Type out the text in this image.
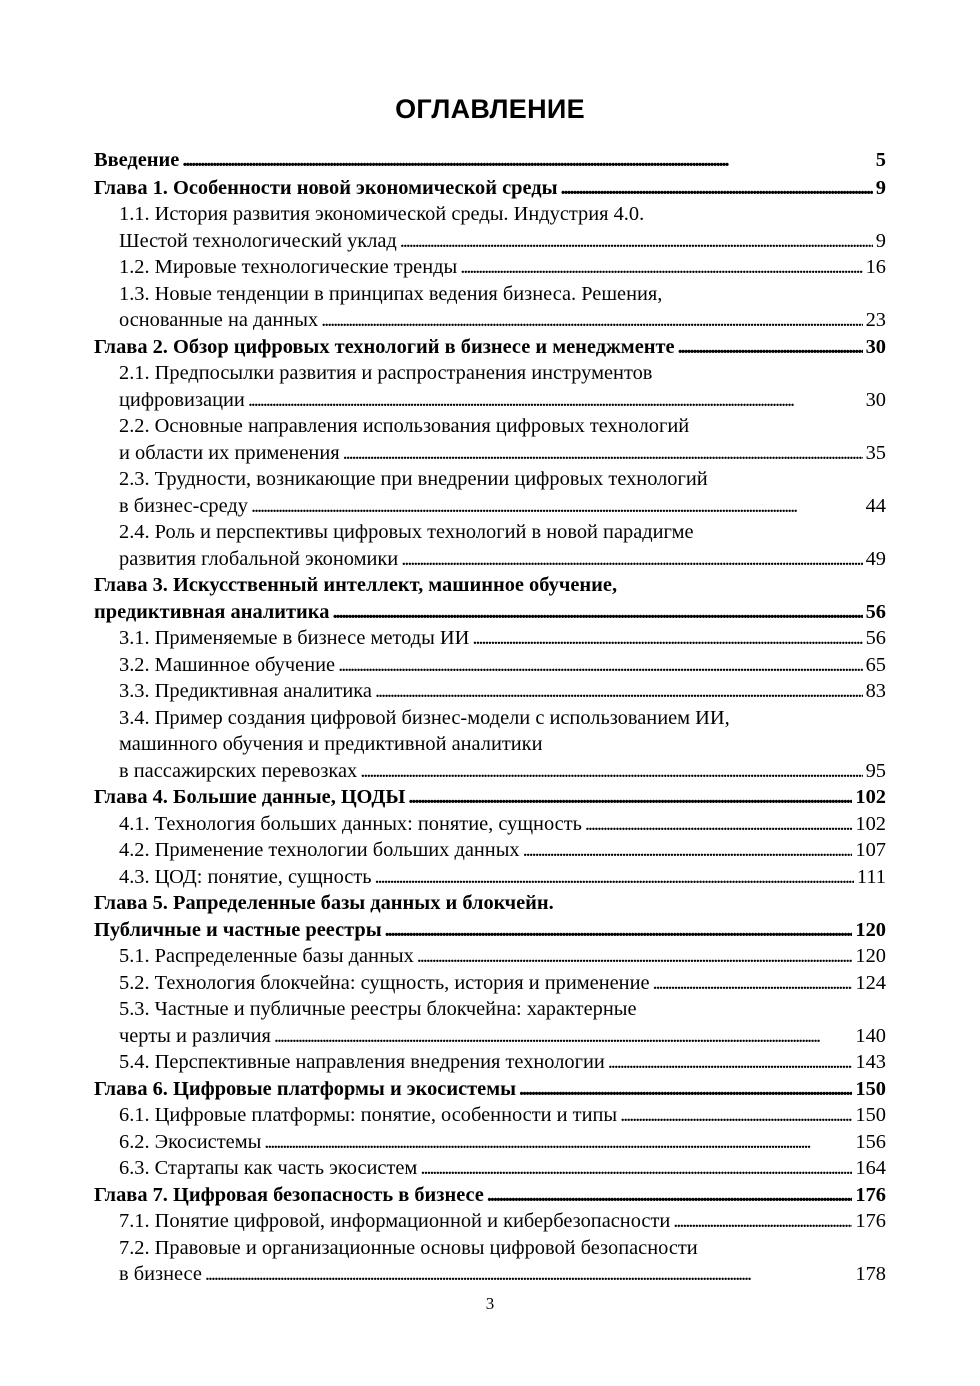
ОГЛАВЛЕНИЕ
Введение . . .	5
Глава 1. Особенности новой экономической среды . . .	9
1.1. История развития экономической среды. Индустрия 4.0.
Шестой технологический уклад . . .	9
1.2. Мировые технологические тренды . . .	16
1.3. Новые тенденции в принципах ведения бизнеса. Решения,
основанные на данных . . .	23
Глава 2. Обзор цифровых технологий в бизнесе и менеджменте . . .	30
2.1. Предпосылки развития и распространения инструментов
цифровизации . . .	30
2.2. Основные направления использования цифровых технологий
и области их применения . . .	35
2.3. Трудности, возникающие при внедрении цифровых технологий
в бизнес-среду . . .	44
2.4. Роль и перспективы цифровых технологий в новой парадигме
развития глобальной экономики . . .	49
Глава 3. Искусственный интеллект, машинное обучение,
предиктивная аналитика . . .	56
3.1. Применяемые в бизнесе методы ИИ . . .	56
3.2. Машинное обучение . . .	65
3.3. Предиктивная аналитика . . .	83
3.4. Пример создания цифровой бизнес-модели с использованием ИИ,
машинного обучения и предиктивной аналитики
в пассажирских перевозках . . .	95
Глава 4. Большие данные, ЦОДЫ . . .	102
4.1. Технология больших данных: понятие, сущность . . .	102
4.2. Применение технологии больших данных . . .	107
4.3. ЦОД: понятие, сущность . . .	111
Глава 5. Рапределенные базы данных и блокчейн.
Публичные и частные реестры . . .	120
5.1. Распределенные базы данных . . .	120
5.2. Технология блокчейна: сущность, история и применение . . .	124
5.3. Частные и публичные реестры блокчейна: характерные
черты и различия . . .	140
5.4. Перспективные направления внедрения технологии . . .	143
Глава 6. Цифровые платформы и экосистемы . . .	150
6.1. Цифровые платформы: понятие, особенности и типы . . .	150
6.2. Экосистемы . . .	156
6.3. Стартапы как часть экосистем . . .	164
Глава 7. Цифровая безопасность в бизнесе . . .	176
7.1. Понятие цифровой, информационной и кибербезопасности . . .	176
7.2. Правовые и организационные основы цифровой безопасности
в бизнесе . . .	178
3
